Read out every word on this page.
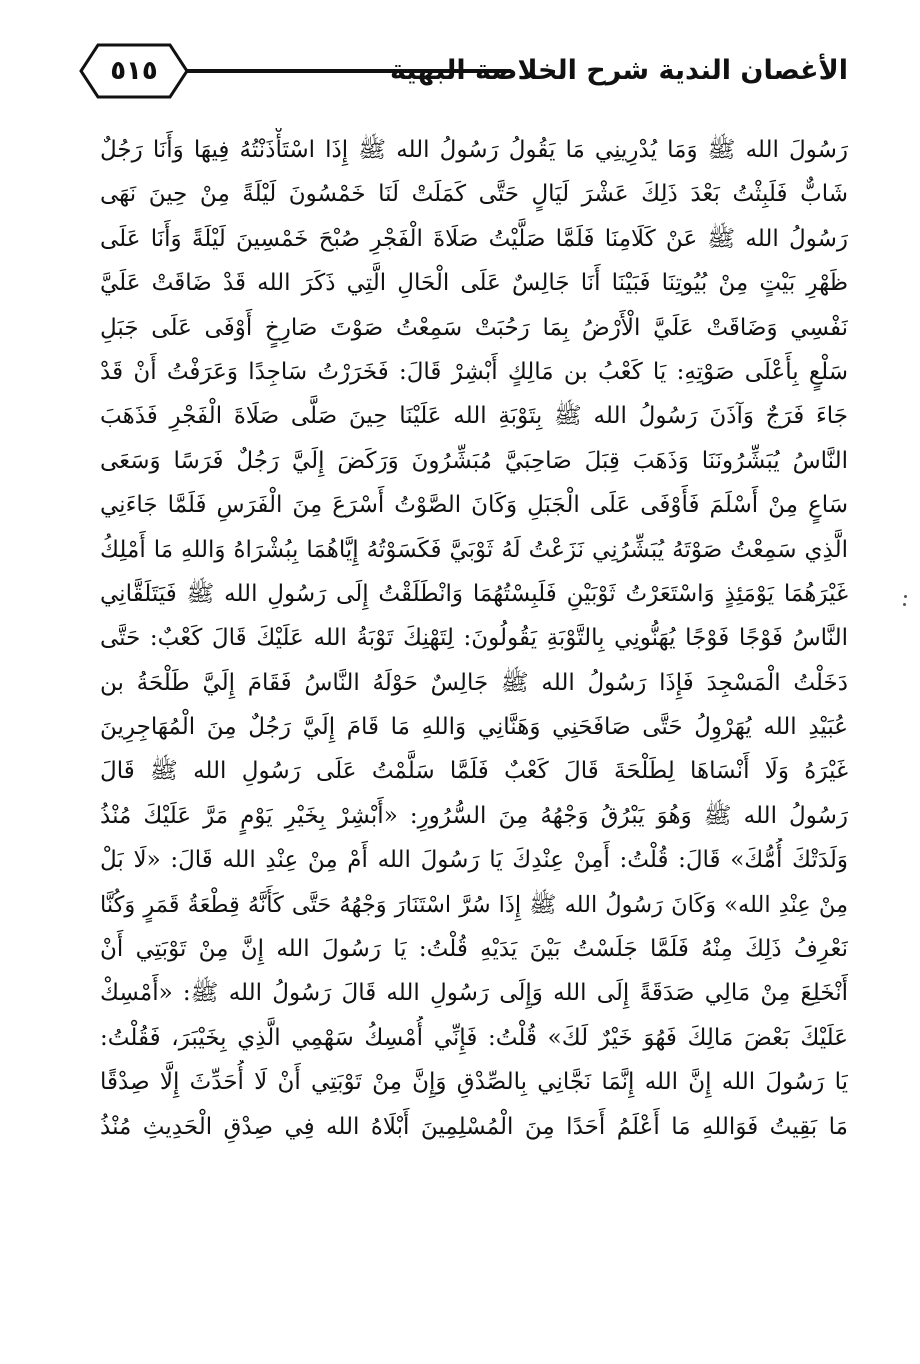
٥١٥	الأغصان الندية شرح الخلاصة البهية
رَسُولَ الله ﷺ وَمَا يُدْرِينِي مَا يَقُولُ رَسُولُ الله ﷺ إِذَا اسْتَأْذَنْتُهُ فِيهَا وَأَنَا رَجُلٌ
شَابٌّ فَلَبِثْتُ بَعْدَ ذَلِكَ عَشْرَ لَيَالٍ حَتَّى كَمَلَتْ لَنَا خَمْسُونَ لَيْلَةً مِنْ حِينَ نَهَى
رَسُولُ الله ﷺ عَنْ كَلَامِنَا فَلَمَّا صَلَّيْتُ صَلَاةَ الْفَجْرِ صُبْحَ خَمْسِينَ لَيْلَةً وَأَنَا عَلَى
ظَهْرِ بَيْتٍ مِنْ بُيُوتِنَا فَبَيْنَا أَنَا جَالِسٌ عَلَى الْحَالِ الَّتِي ذَكَرَ الله قَدْ ضَاقَتْ عَلَيَّ
نَفْسِي وَضَاقَتْ عَلَيَّ الْأَرْضُ بِمَا رَحُبَتْ سَمِعْتُ صَوْتَ صَارِخٍ أَوْفَى عَلَى جَبَلِ
سَلْعٍ بِأَعْلَى صَوْتِهِ: يَا كَعْبُ بن مَالِكٍ أَبْشِرْ قَالَ: فَخَرَرْتُ سَاجِدًا وَعَرَفْتُ أَنْ قَدْ
جَاءَ فَرَجٌ وَآذَنَ رَسُولُ الله ﷺ بِتَوْبَةِ الله عَلَيْنَا حِينَ صَلَّى صَلَاةَ الْفَجْرِ فَذَهَبَ
النَّاسُ يُبَشِّرُونَنَا وَذَهَبَ قِبَلَ صَاحِبَيَّ مُبَشِّرُونَ وَرَكَضَ إِلَيَّ رَجُلٌ فَرَسًا وَسَعَى
سَاعٍ مِنْ أَسْلَمَ فَأَوْفَى عَلَى الْجَبَلِ وَكَانَ الصَّوْتُ أَسْرَعَ مِنَ الْفَرَسِ فَلَمَّا جَاءَنِي
الَّذِي سَمِعْتُ صَوْتَهُ يُبَشِّرُنِي نَزَعْتُ لَهُ ثَوْبَيَّ فَكَسَوْتُهُ إِيَّاهُمَا بِبُشْرَاهُ وَاللهِ مَا أَمْلِكُ
غَيْرَهُمَا يَوْمَئِذٍ وَاسْتَعَرْتُ ثَوْبَيْنِ فَلَبِسْتُهُمَا وَانْطَلَقْتُ إِلَى رَسُولِ الله ﷺ فَيَتَلَقَّانِي
النَّاسُ فَوْجًا فَوْجًا يُهَنُّونِي بِالتَّوْبَةِ يَقُولُونَ: لِتَهْنِكَ تَوْبَةُ الله عَلَيْكَ قَالَ كَعْبٌ: حَتَّى
دَخَلْتُ الْمَسْجِدَ فَإِذَا رَسُولُ الله ﷺ جَالِسٌ حَوْلَهُ النَّاسُ فَقَامَ إِلَيَّ طَلْحَةُ بن
عُبَيْدِ الله يُهَرْوِلُ حَتَّى صَافَحَنِي وَهَنَّانِي وَاللهِ مَا قَامَ إِلَيَّ رَجُلٌ مِنَ الْمُهَاجِرِينَ
غَيْرَهُ وَلَا أَنْسَاهَا لِطَلْحَةَ قَالَ كَعْبٌ فَلَمَّا سَلَّمْتُ عَلَى رَسُولِ الله ﷺ قَالَ
رَسُولُ الله ﷺ وَهُوَ يَبْرُقُ وَجْهُهُ مِنَ السُّرُورِ: «أَبْشِرْ بِخَيْرِ يَوْمٍ مَرَّ عَلَيْكَ مُنْذُ
وَلَدَتْكَ أُمُّكَ» قَالَ: قُلْتُ: أَمِنْ عِنْدِكَ يَا رَسُولَ الله أَمْ مِنْ عِنْدِ الله قَالَ: «لَا بَلْ
مِنْ عِنْدِ الله» وَكَانَ رَسُولُ الله ﷺ إِذَا سُرَّ اسْتَنَارَ وَجْهُهُ حَتَّى كَأَنَّهُ قِطْعَةُ قَمَرٍ وَكُنَّا
نَعْرِفُ ذَلِكَ مِنْهُ فَلَمَّا جَلَسْتُ بَيْنَ يَدَيْهِ قُلْتُ: يَا رَسُولَ الله إِنَّ مِنْ تَوْبَتِي أَنْ
أَنْخَلِعَ مِنْ مَالِي صَدَقَةً إِلَى الله وَإِلَى رَسُولِ الله قَالَ رَسُولُ الله ﷺ: «أَمْسِكْ
عَلَيْكَ بَعْضَ مَالِكَ فَهُوَ خَيْرٌ لَكَ» قُلْتُ: فَإِنِّي أُمْسِكُ سَهْمِي الَّذِي بِخَيْبَرَ، فَقُلْتُ:
يَا رَسُولَ الله إِنَّ الله إِنَّمَا نَجَّانِي بِالصِّدْقِ وَإِنَّ مِنْ تَوْبَتِي أَنْ لَا أُحَدِّثَ إِلَّا صِدْقًا
مَا بَقِيتُ فَوَاللهِ مَا أَعْلَمُ أَحَدًا مِنَ الْمُسْلِمِينَ أَبْلَاهُ الله فِي صِدْقِ الْحَدِيثِ مُنْذُ
